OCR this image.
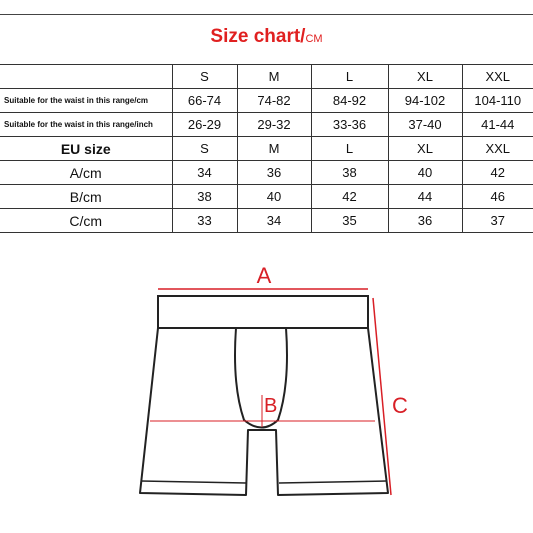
Size chart/CM
	S	M	L	XL	XXL
Suitable for the waist in this range/cm	66-74	74-82	84-92	94-102	104-110
Suitable for the waist in this range/inch	26-29	29-32	33-36	37-40	41-44
EU size	S	M	L	XL	XXL
A/cm	34	36	38	40	42
B/cm	38	40	42	44	46
C/cm	33	34	35	36	37
A
B	C
